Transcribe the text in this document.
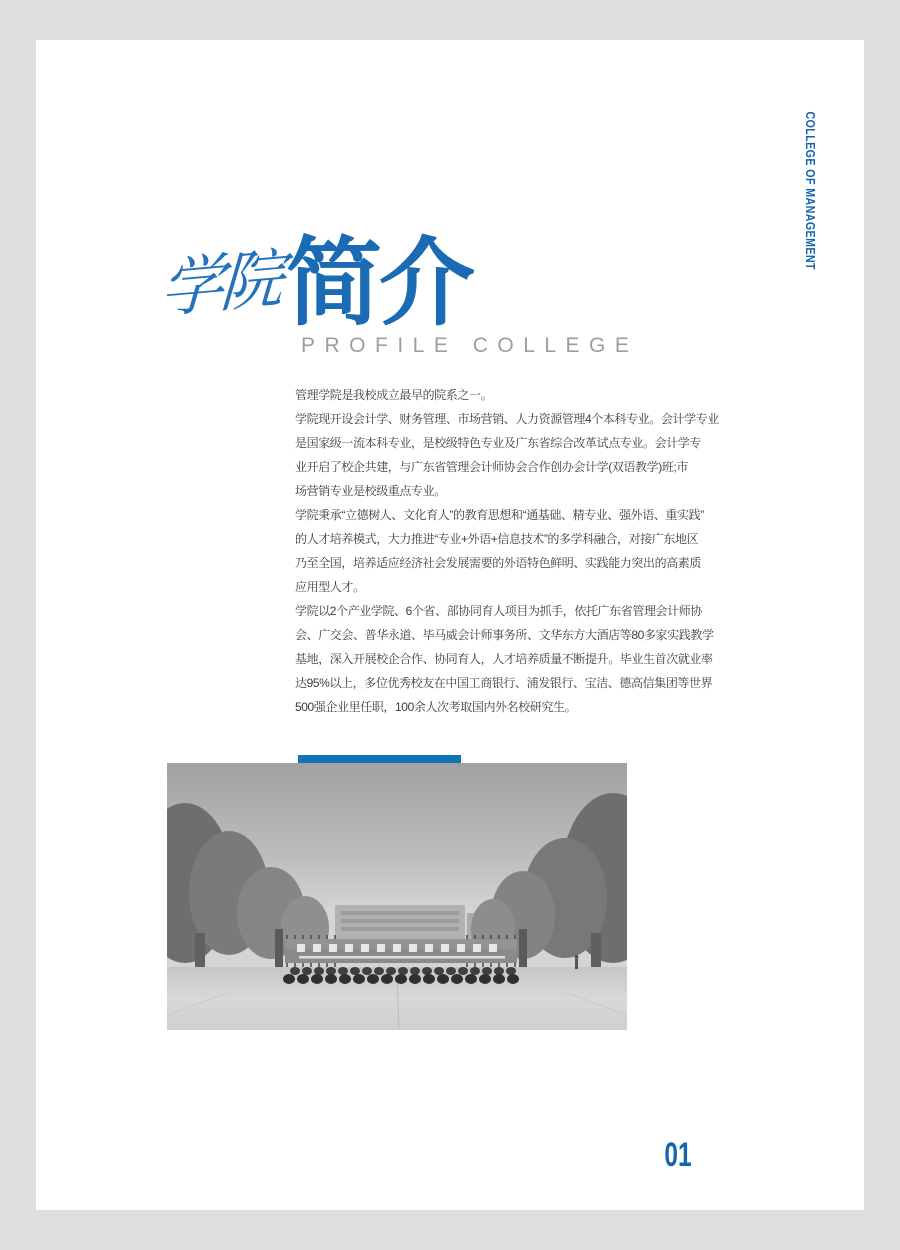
COLLEGE OF MANAGEMENT
学院 简介
PROFILE COLLEGE
管理学院是我校成立最早的院系之一。
学院现开设会计学、财务管理、市场营销、人力资源管理4个本科专业。会计学专业
是国家级一流本科专业，是校级特色专业及广东省综合改革试点专业。会计学专
业开启了校企共建，与广东省管理会计师协会合作创办会计学(双语教学)班;市
场营销专业是校级重点专业。
学院秉承“立德树人、文化育人”的教育思想和“通基础、精专业、强外语、重实践”
的人才培养模式，大力推进“专业+外语+信息技术”的多学科融合，对接广东地区
乃至全国，培养适应经济社会发展需要的外语特色鲜明、实践能力突出的高素质
应用型人才。
学院以2个产业学院、6个省、部协同育人项目为抓手，依托广东省管理会计师协
会、广交会、普华永道、毕马威会计师事务所、文华东方大酒店等80多家实践教学
基地，深入开展校企合作、协同育人，人才培养质量不断提升。毕业生首次就业率
达95%以上，多位优秀校友在中国工商银行、浦发银行、宝洁、德高信集团等世界
500强企业里任职，100余人次考取国内外名校研究生。
01
